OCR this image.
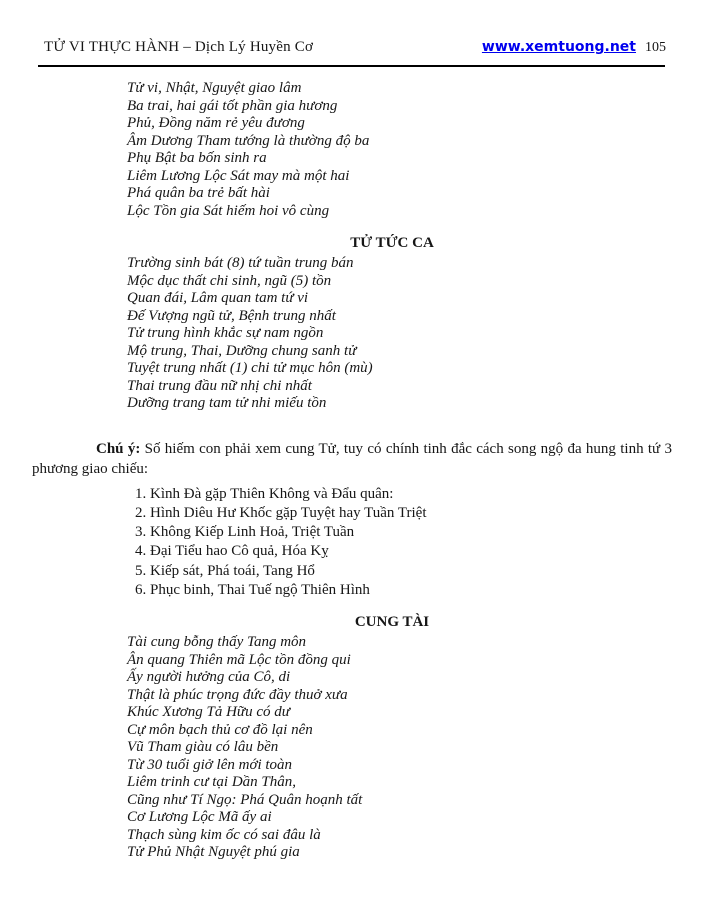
TỬ VI THỰC HÀNH – Dịch Lý Huyền Cơ	www.xemtuong.net 105
Tử vi, Nhật, Nguyệt giao lâm
Ba trai, hai gái tốt phần gia hương
Phủ, Đồng năm rẻ yêu đương
Âm Dương Tham tướng là thường độ ba
Phụ Bật ba bốn sinh ra
Liêm Lương Lộc Sát may mà một hai
Phá quân ba trẻ bất hài
Lộc Tồn gia Sát hiếm hoi vô cùng
TỬ TỨC CA
Trường sinh bát (8) tứ tuần trung bán
Mộc dục thất chi sinh, ngũ (5) tồn
Quan đái, Lâm quan tam tứ vi
Đế Vượng ngũ tử, Bệnh trung nhất
Tử trung hình khắc sự nam ngồn
Mộ trung, Thai, Dưỡng chung sanh tử
Tuyệt trung nhất (1) chi tử mục hôn (mù)
Thai trung đầu nữ nhị chi nhất
Dưỡng trang tam tử nhi miếu tồn
Chú ý: Số hiếm con phải xem cung Tử, tuy có chính tinh đắc cách song ngộ đa hung tinh tứ 3 phương giao chiếu:
1. Kình Đà gặp Thiên Không và Đẩu quân:
2. Hình Diêu Hư Khốc gặp Tuyệt hay Tuần Triệt
3. Không Kiếp Linh Hoả, Triệt Tuần
4. Đại Tiểu hao Cô quả, Hóa Kỵ
5. Kiếp sát, Phá toái, Tang Hổ
6. Phục binh, Thai Tuế ngộ Thiên Hình
CUNG TÀI
Tài cung bỗng thấy Tang môn
Ân quang Thiên mã Lộc tồn đồng qui
Ấy người hưởng của Cô, di
Thật là phúc trọng đức đầy thuở xưa
Khúc Xương Tả Hữu có dư
Cự môn bạch thủ cơ đồ lại nên
Vũ Tham giàu có lâu bền
Từ 30 tuổi giở lên mới toàn
Liêm trinh cư tại Dần Thân,
Cũng như Tí Ngọ: Phá Quân hoạnh tất
Cơ Lương Lộc Mã ấy ai
Thạch sùng kim ốc có sai đâu là
Tử Phủ Nhật Nguyệt phú gia
